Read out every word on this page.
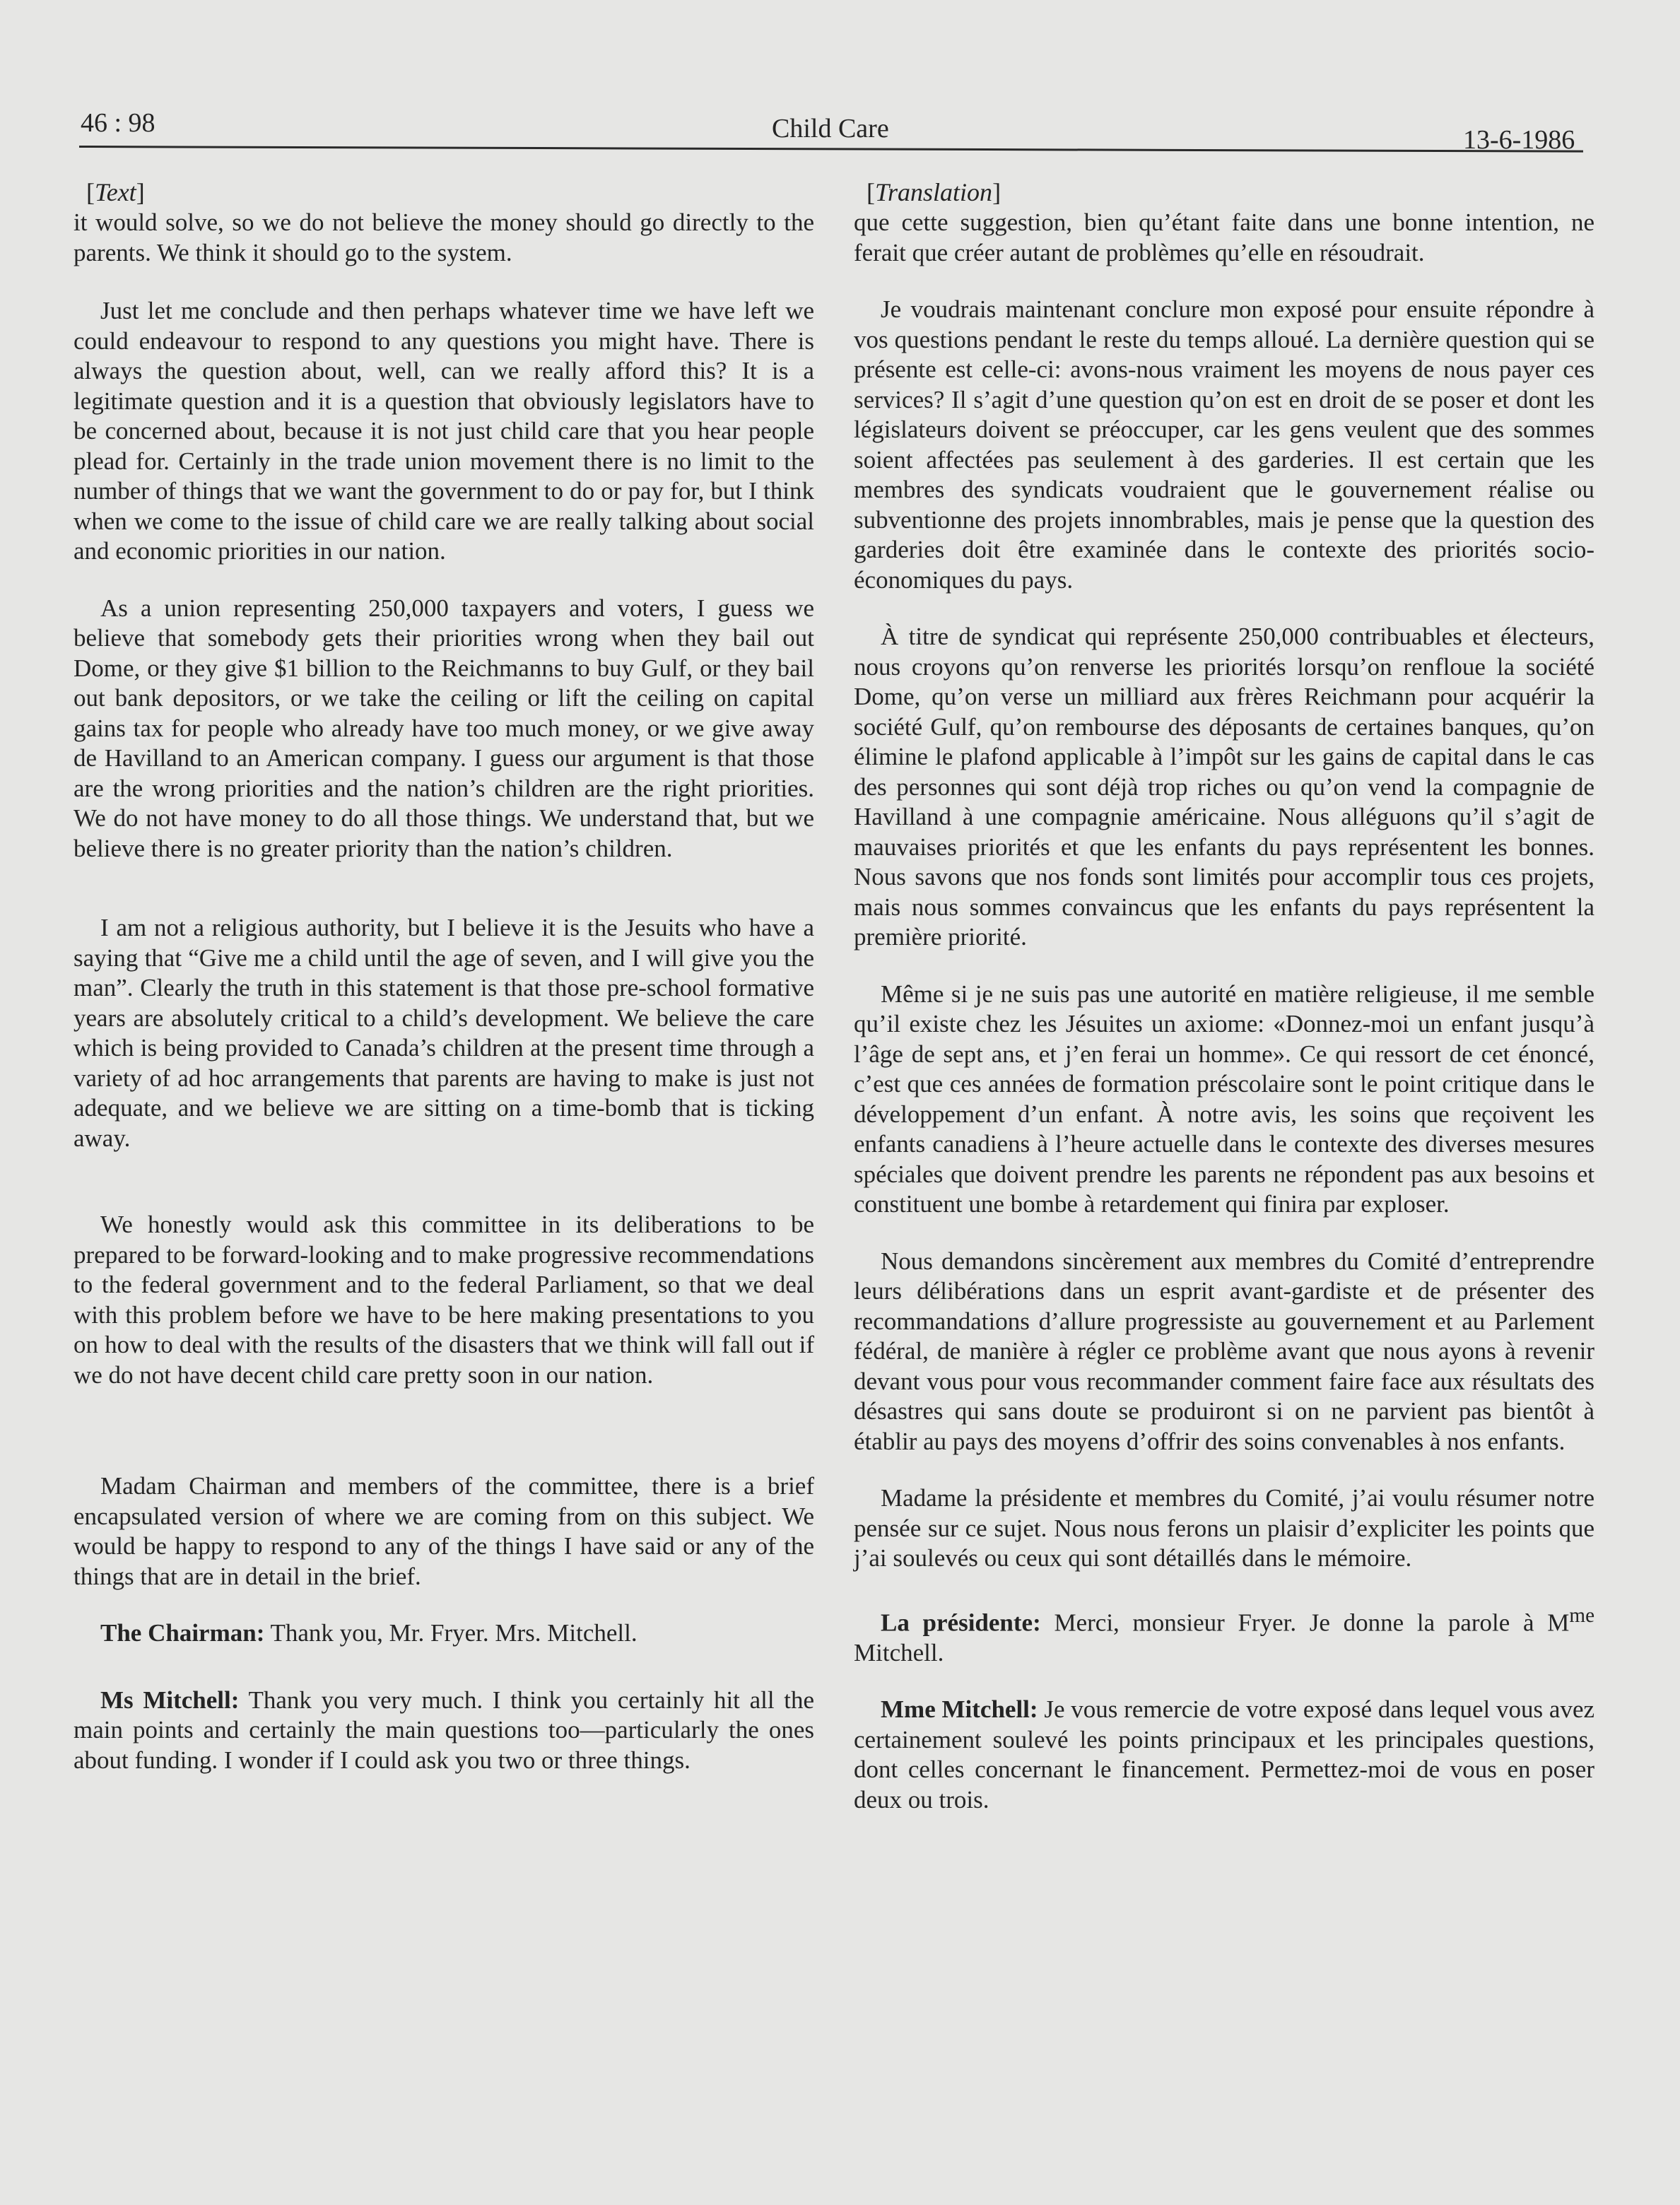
46 : 98	Child Care	13-6-1986
[Text]

it would solve, so we do not believe the money should go directly to the parents. We think it should go to the system.

Just let me conclude and then perhaps whatever time we have left we could endeavour to respond to any questions you might have. There is always the question about, well, can we really afford this? It is a legitimate question and it is a question that obviously legislators have to be concerned about, because it is not just child care that you hear people plead for. Certainly in the trade union movement there is no limit to the number of things that we want the government to do or pay for, but I think when we come to the issue of child care we are really talking about social and economic priorities in our nation.

As a union representing 250,000 taxpayers and voters, I guess we believe that somebody gets their priorities wrong when they bail out Dome, or they give $1 billion to the Reichmanns to buy Gulf, or they bail out bank depositors, or we take the ceiling or lift the ceiling on capital gains tax for people who already have too much money, or we give away de Havilland to an American company. I guess our argument is that those are the wrong priorities and the nation’s children are the right priorities. We do not have money to do all those things. We understand that, but we believe there is no greater priority than the nation’s children.

I am not a religious authority, but I believe it is the Jesuits who have a saying that “Give me a child until the age of seven, and I will give you the man”. Clearly the truth in this statement is that those pre-school formative years are absolutely critical to a child’s development. We believe the care which is being provided to Canada’s children at the present time through a variety of ad hoc arrangements that parents are having to make is just not adequate, and we believe we are sitting on a time-bomb that is ticking away.

We honestly would ask this committee in its deliberations to be prepared to be forward-looking and to make progressive recommendations to the federal government and to the federal Parliament, so that we deal with this problem before we have to be here making presentations to you on how to deal with the results of the disasters that we think will fall out if we do not have decent child care pretty soon in our nation.

Madam Chairman and members of the committee, there is a brief encapsulated version of where we are coming from on this subject. We would be happy to respond to any of the things I have said or any of the things that are in detail in the brief.

The Chairman: Thank you, Mr. Fryer. Mrs. Mitchell.

Ms Mitchell: Thank you very much. I think you certainly hit all the main points and certainly the main questions too—particularly the ones about funding. I wonder if I could ask you two or three things.

[Translation]

que cette suggestion, bien qu’étant faite dans une bonne intention, ne ferait que créer autant de problèmes qu’elle en résoudrait.

Je voudrais maintenant conclure mon exposé pour ensuite répondre à vos questions pendant le reste du temps alloué. La dernière question qui se présente est celle-ci: avons-nous vraiment les moyens de nous payer ces services? Il s’agit d’une question qu’on est en droit de se poser et dont les législateurs doivent se préoccuper, car les gens veulent que des sommes soient affectées pas seulement à des garderies. Il est certain que les membres des syndicats voudraient que le gouvernement réalise ou subventionne des projets innombrables, mais je pense que la question des garderies doit être examinée dans le contexte des priorités socio-économiques du pays.

À titre de syndicat qui représente 250,000 contribuables et électeurs, nous croyons qu’on renverse les priorités lorsqu’on renfloue la société Dome, qu’on verse un milliard aux frères Reichmann pour acquérir la société Gulf, qu’on rembourse des déposants de certaines banques, qu’on élimine le plafond applicable à l’impôt sur les gains de capital dans le cas des personnes qui sont déjà trop riches ou qu’on vend la compagnie de Havilland à une compagnie américaine. Nous alléguons qu’il s’agit de mauvaises priorités et que les enfants du pays représentent les bonnes. Nous savons que nos fonds sont limités pour accomplir tous ces projets, mais nous sommes convaincus que les enfants du pays représentent la première priorité.

Même si je ne suis pas une autorité en matière religieuse, il me semble qu’il existe chez les Jésuites un axiome: «Donnez-moi un enfant jusqu’à l’âge de sept ans, et j’en ferai un homme». Ce qui ressort de cet énoncé, c’est que ces années de formation préscolaire sont le point critique dans le développement d’un enfant. À notre avis, les soins que reçoivent les enfants canadiens à l’heure actuelle dans le contexte des diverses mesures spéciales que doivent prendre les parents ne répondent pas aux besoins et constituent une bombe à retardement qui finira par exploser.

Nous demandons sincèrement aux membres du Comité d’entreprendre leurs délibérations dans un esprit avant-gardiste et de présenter des recommandations d’allure progressiste au gouvernement et au Parlement fédéral, de manière à régler ce problème avant que nous ayons à revenir devant vous pour vous recommander comment faire face aux résultats des désastres qui sans doute se produiront si on ne parvient pas bientôt à établir au pays des moyens d’offrir des soins convenables à nos enfants.

Madame la présidente et membres du Comité, j’ai voulu résumer notre pensée sur ce sujet. Nous nous ferons un plaisir d’expliciter les points que j’ai soulevés ou ceux qui sont détaillés dans le mémoire.

La présidente: Merci, monsieur Fryer. Je donne la parole à $M^{me}$ Mitchell.

Mme Mitchell: Je vous remercie de votre exposé dans lequel vous avez certainement soulevé les points principaux et les principales questions, dont celles concernant le financement. Permettez-moi de vous en poser deux ou trois.
